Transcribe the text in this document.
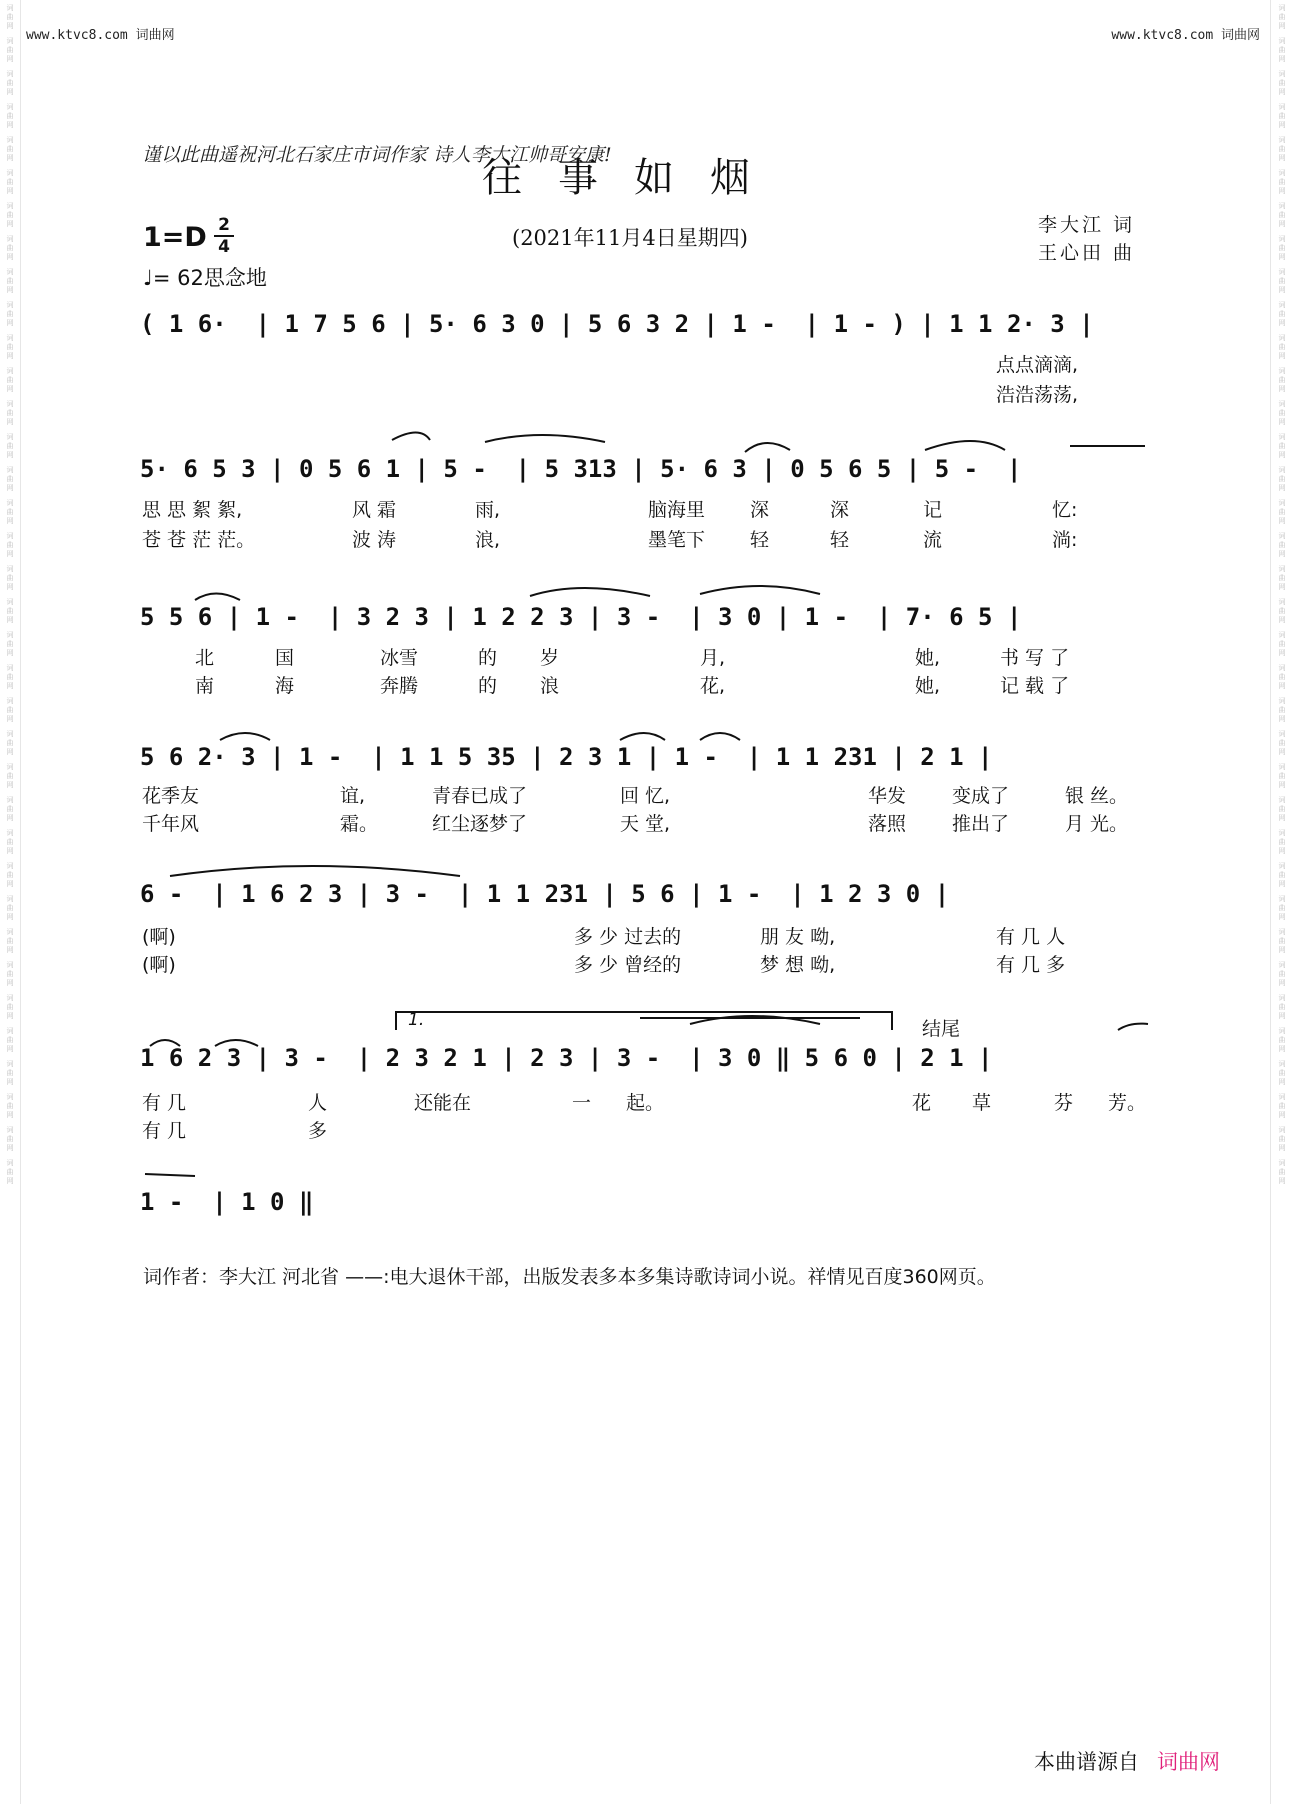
词曲网
词曲网
词曲网
词曲网
词曲网
词曲网
词曲网
词曲网
词曲网
词曲网
词曲网
词曲网
词曲网
词曲网
词曲网
词曲网
词曲网
词曲网
词曲网
词曲网
词曲网
词曲网
词曲网
词曲网
词曲网
词曲网
词曲网
词曲网
词曲网
词曲网
词曲网
词曲网
词曲网
词曲网
词曲网
词曲网
词曲网
词曲网
词曲网
词曲网
词曲网
词曲网
词曲网
词曲网
词曲网
词曲网
词曲网
词曲网
词曲网
词曲网
词曲网
词曲网
词曲网
词曲网
词曲网
词曲网
词曲网
词曲网
词曲网
词曲网
词曲网
词曲网
词曲网
词曲网
词曲网
词曲网
词曲网
词曲网
词曲网
词曲网
词曲网
词曲网
www.ktvc8.com 词曲网	www.ktvc8.com 词曲网
谨以此曲遥祝河北石家庄市词作家 诗人李大江帅哥安康!
往事如烟
1=D 2
4
♩= 62思念地
(2021年11月4日星期四)
李大江 词
王心田 曲
( 1 6·  | 1 7 5 6 | 5· 6 3 0 | 5 6 3 2 | 1 -  | 1 - ) | 1 1 2· 3 |
点点滴滴,
浩浩荡荡,
5· 6 5 3 | 0 5 6 1 | 5 -  | 5 313 | 5· 6 3 | 0 5 6 5 | 5 -  |
思 思 絮 絮,	风 霜	雨,	脑海里 深	深	记	忆:
苍 苍 茫 茫。	波 涛	浪,	墨笔下 轻	轻	流	淌:
5 5 6 | 1 -  | 3 2 3 | 1 2 2 3 | 3 -  | 3 0 | 1 -  | 7· 6 5 |
北	国	冰雪	的 岁	月,	她,	书 写 了
南	海	奔腾	的 浪	花,	她,	记 载 了
5 6 2· 3 | 1 -  | 1 1 5 35 | 2 3 1 | 1 -  | 1 1 231 | 2 1 |
花季友	谊,	青春已成了	回 忆,	华发 变成了	银 丝。
千年风	霜。	红尘逐梦了	天 堂,	落照 推出了	月 光。
6 -  | 1 6 2 3 | 3 -  | 1 1 231 | 5 6 | 1 -  | 1 2 3 0 |
(啊)	多 少 过去的	朋 友 呦,	有 几 人
(啊)	多 少 曾经的	梦 想 呦,	有 几 多
1.	结尾
1 6 2 3 | 3 -  | 2 3 2 1 | 2 3 | 3 -  | 3 0 ‖ 5 6 0 | 2 1 |
有 几	人	还能在	一 起。	花 草	芬 芳。
有 几	多
1 -  | 1 0 ‖
词作者：李大江 河北省 ——:电大退休干部，出版发表多本多集诗歌诗词小说。祥情见百度360网页。
本曲谱源自 词曲网
